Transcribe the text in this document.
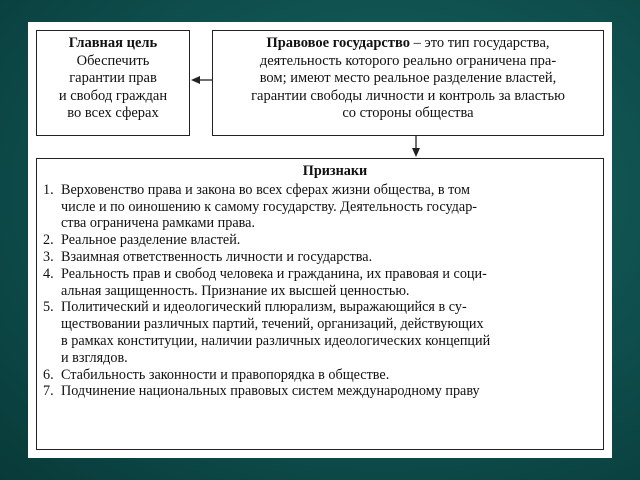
Главная цель
Обеспечить
гарантии прав
и свобод граждан
во всех сферах
Правовое государство – это тип государства,
деятельность которого реально ограничена пра-
вом; имеют место реальное разделение властей,
гарантии свободы личности и контроль за властью
со стороны общества
Признаки
1. Верховенство права и закона во всех сферах жизни общества, в том
числе и по оиношению к самому государству. Деятельность государ-
ства ограничена рамками права.
2. Реальное разделение властей.
3. Взаимная ответственность личности и государства.
4. Реальность прав и свобод человека и гражданина, их правовая и соци-
альная защищенность. Признание их высшей ценностью.
5. Политический и идеологический плюрализм, выражающийся в су-
ществовании различных партий, течений, организаций, действующих
в рамках конституции, наличии различных идеологических концепций
и взглядов.
6. Стабильность законности и правопорядка в обществе.
7. Подчинение национальных правовых систем международному праву
